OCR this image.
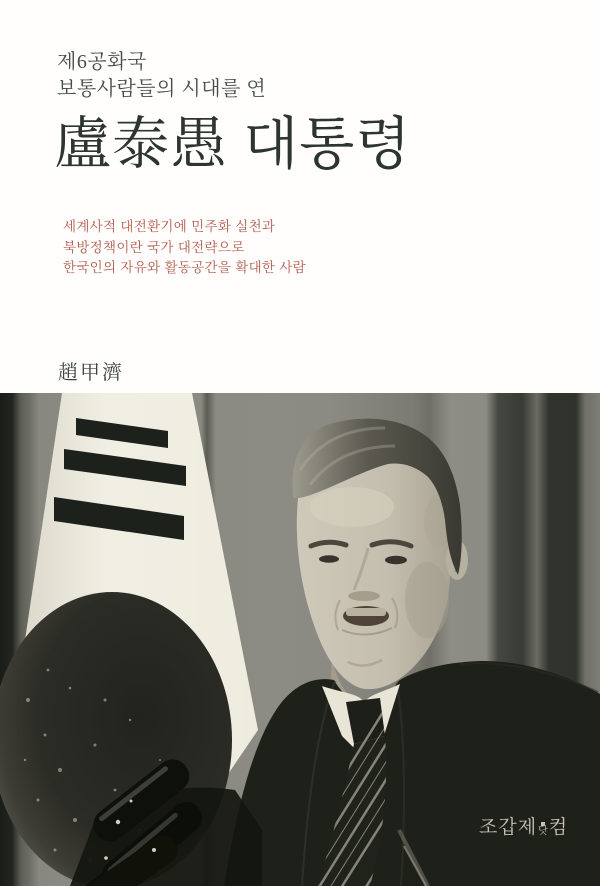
제6공화국
보통사람들의 시대를 연
盧泰愚 대통령
세계사적 대전환기에 민주화 실천과
북방정책이란 국가 대전략으로
한국인의 자유와 활동공간을 확대한 사람
趙甲濟
조갑제 닷 컴
